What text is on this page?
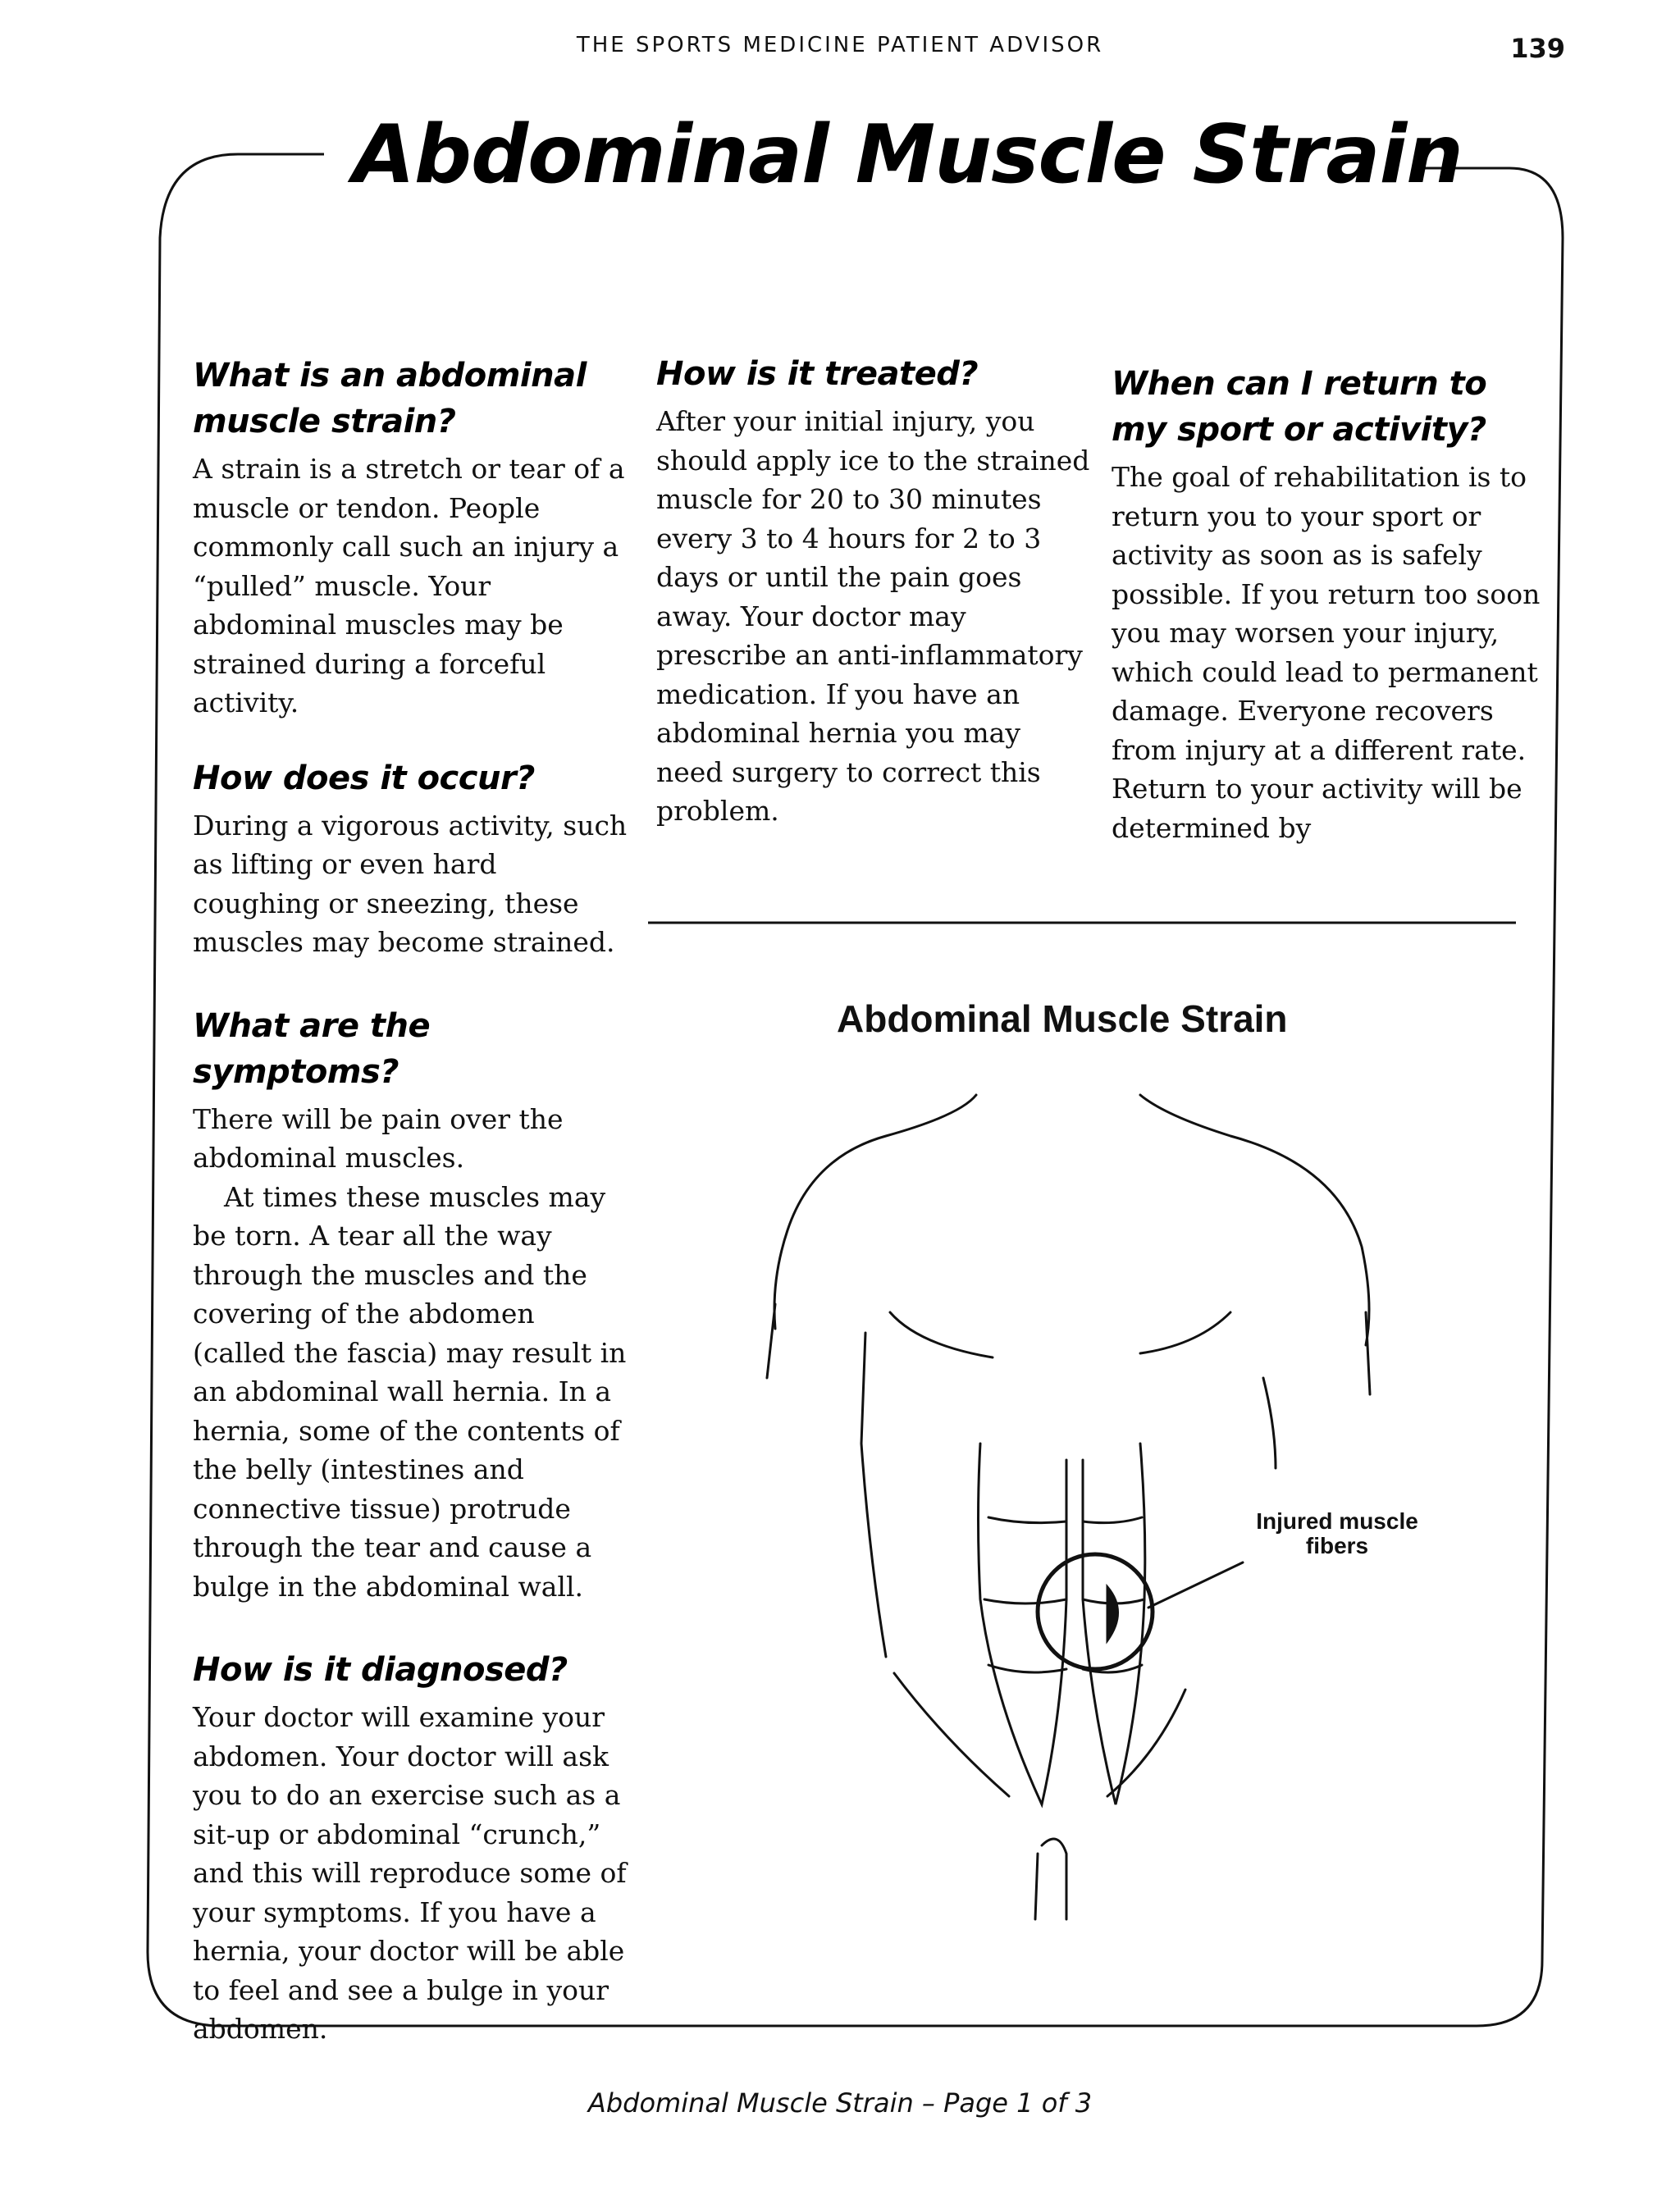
THE SPORTS MEDICINE PATIENT ADVISOR	139
Abdominal Muscle Strain
What is an abdominal muscle strain?

A strain is a stretch or tear of a muscle or tendon. People commonly call such an injury a “pulled” muscle. Your abdominal muscles may be strained during a forceful activity.

How does it occur?

During a vigorous activity, such as lifting or even hard coughing or sneezing, these muscles may become strained.

What are the symptoms?

There will be pain over the abdominal muscles.

At times these muscles may be torn. A tear all the way through the muscles and the covering of the abdomen (called the fascia) may result in an abdominal wall hernia. In a hernia, some of the contents of the belly (intestines and connective tissue) protrude through the tear and cause a bulge in the abdominal wall.

How is it diagnosed?

Your doctor will examine your abdomen. Your doctor will ask you to do an exercise such as a sit-up or abdominal “crunch,” and this will reproduce some of your symptoms. If you have a hernia, your doctor will be able to feel and see a bulge in your abdomen.

How is it treated?

After your initial injury, you should apply ice to the strained muscle for 20 to 30 minutes every 3 to 4 hours for 2 to 3 days or until the pain goes away. Your doctor may prescribe an anti-inflammatory medication. If you have an abdominal hernia you may need surgery to correct this problem.

When can I return to my sport or activity?

The goal of rehabilitation is to return you to your sport or activity as soon as is safely possible. If you return too soon you may worsen your injury, which could lead to permanent damage. Everyone recovers from injury at a different rate. Return to your activity will be determined by

Abdominal Muscle Strain
Injured muscle fibers
Abdominal Muscle Strain – Page 1 of 3
